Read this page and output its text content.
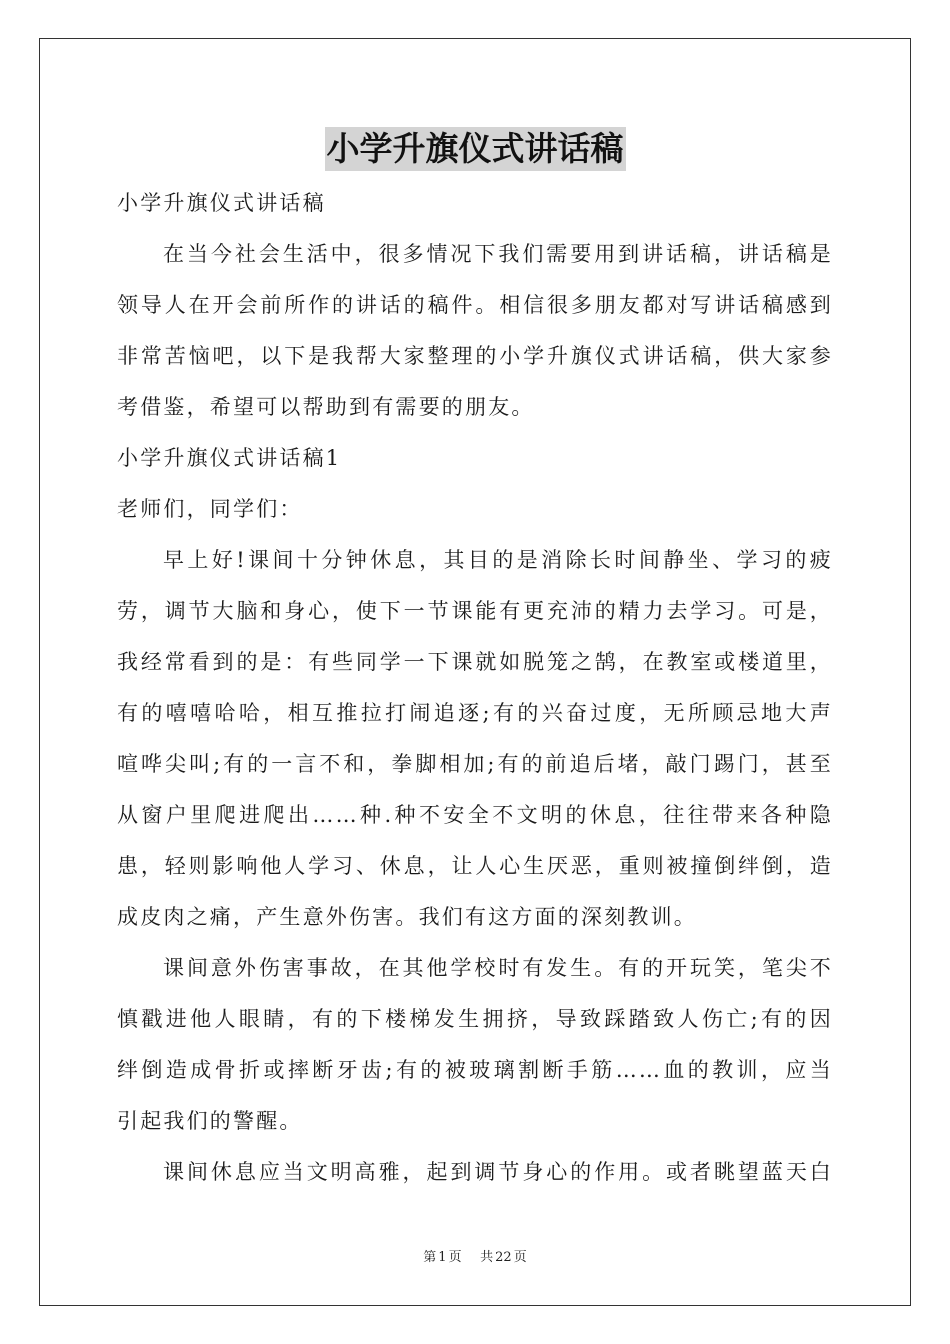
小学升旗仪式讲话稿
小学升旗仪式讲话稿
在当今社会生活中，很多情况下我们需要用到讲话稿，讲话稿是
领导人在开会前所作的讲话的稿件。相信很多朋友都对写讲话稿感到
非常苦恼吧，以下是我帮大家整理的小学升旗仪式讲话稿，供大家参
考借鉴，希望可以帮助到有需要的朋友。
小学升旗仪式讲话稿1
老师们，同学们：
早上好!课间十分钟休息，其目的是消除长时间静坐、学习的疲
劳，调节大脑和身心，使下一节课能有更充沛的精力去学习。可是，
我经常看到的是：有些同学一下课就如脱笼之鹄，在教室或楼道里，
有的嘻嘻哈哈，相互推拉打闹追逐;有的兴奋过度，无所顾忌地大声
喧哗尖叫;有的一言不和，拳脚相加;有的前追后堵，敲门踢门，甚至
从窗户里爬进爬出……种.种不安全不文明的休息，往往带来各种隐
患，轻则影响他人学习、休息，让人心生厌恶，重则被撞倒绊倒，造
成皮肉之痛，产生意外伤害。我们有这方面的深刻教训。
课间意外伤害事故，在其他学校时有发生。有的开玩笑，笔尖不
慎戳进他人眼睛，有的下楼梯发生拥挤，导致踩踏致人伤亡;有的因
绊倒造成骨折或摔断牙齿;有的被玻璃割断手筋……血的教训，应当
引起我们的警醒。
课间休息应当文明高雅，起到调节身心的作用。或者眺望蓝天白
第 1 页 共 22 页
